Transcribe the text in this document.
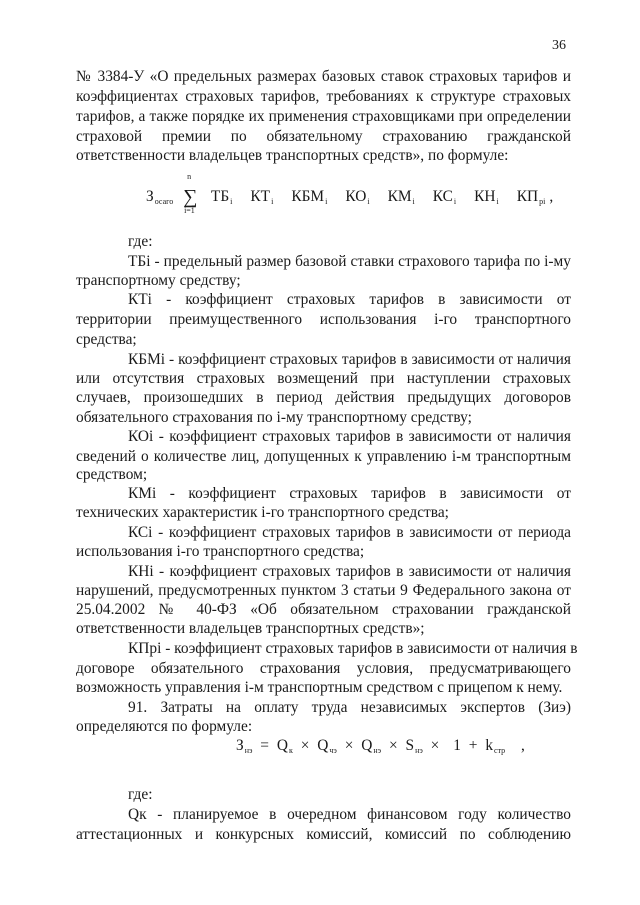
36
№ 3384-У «О предельных размерах базовых ставок страховых тарифов и
коэффициентах страховых тарифов, требованиях к структуре страховых
тарифов, а также порядке их применения страховщиками при определении
страховой премии по обязательному страхованию гражданской
ответственности владельцев транспортных средств», по формуле:
$З_{осаго}$
n
∑
i=1
$ТБ_i$ $КТ_i$ $КБМ_i$ $КО_i$ $КМ_i$ $КС_i$ $КН_i$ $КП_{pi}$ ,
где:
ТБi - предельный размер базовой ставки страхового тарифа по i-му
транспортному средству;
КТi - коэффициент страховых тарифов в зависимости от
территории преимущественного использования i-го транспортного
средства;
КБМi - коэффициент страховых тарифов в зависимости от наличия
или отсутствия страховых возмещений при наступлении страховых
случаев, произошедших в период действия предыдущих договоров
обязательного страхования по i-му транспортному средству;
КОi - коэффициент страховых тарифов в зависимости от наличия
сведений о количестве лиц, допущенных к управлению i-м транспортным
средством;
КМi - коэффициент страховых тарифов в зависимости от
технических характеристик i-го транспортного средства;
КСi - коэффициент страховых тарифов в зависимости от периода
использования i-го транспортного средства;
КНi - коэффициент страховых тарифов в зависимости от наличия
нарушений, предусмотренных пунктом 3 статьи 9 Федерального закона от
25.04.2002 № 40-ФЗ «Об обязательном страховании гражданской
ответственности владельцев транспортных средств»;
КПpi - коэффициент страховых тарифов в зависимости от наличия в
договоре обязательного страхования условия, предусматривающего
возможность управления i-м транспортным средством с прицепом к нему.
91. Затраты на оплату труда независимых экспертов (Зиэ)
определяются по формуле:
$З_{нэ} = Q_к \times Q_{чэ} \times Q_{нэ} \times S_{нэ} \times 1 + k_{стр}$ ,
где:
Qк - планируемое в очередном финансовом году количество
аттестационных и конкурсных комиссий, комиссий по соблюдению
